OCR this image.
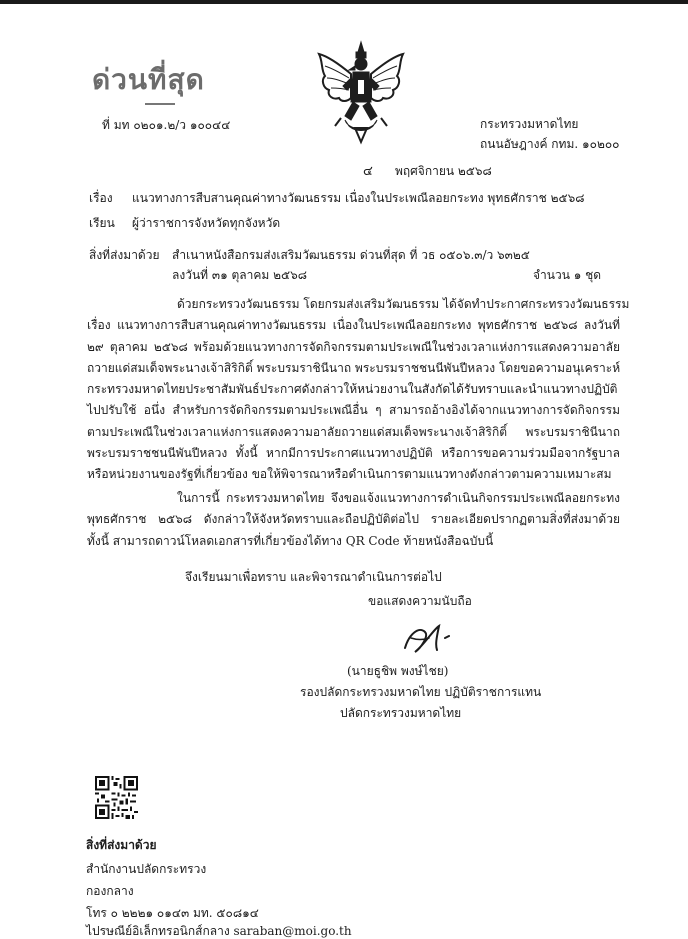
ด่วนที่สุด
ที่ มท ๐๒๐๑.๒/ว ๑๐๐๔๔	กระทรวงมหาดไทย
ถนนอัษฎางค์ กทม. ๑๐๒๐๐
๔ พฤศจิกายน ๒๕๖๘
เรื่อง แนวทางการสืบสานคุณค่าทางวัฒนธรรม เนื่องในประเพณีลอยกระทง พุทธศักราช ๒๕๖๘
เรียน ผู้ว่าราชการจังหวัดทุกจังหวัด
สิ่งที่ส่งมาด้วย สำเนาหนังสือกรมส่งเสริมวัฒนธรรม ด่วนที่สุด ที่ วธ ๐๕๐๖.๓/ว ๖๓๒๕
ลงวันที่ ๓๑ ตุลาคม ๒๕๖๘	จำนวน ๑ ชุด
ด้วยกระทรวงวัฒนธรรม โดยกรมส่งเสริมวัฒนธรรม ได้จัดทำประกาศกระทรวงวัฒนธรรม
เรื่อง แนวทางการสืบสานคุณค่าทางวัฒนธรรม เนื่องในประเพณีลอยกระทง พุทธศักราช ๒๕๖๘ ลงวันที่
๒๙ ตุลาคม ๒๕๖๘ พร้อมด้วยแนวทางการจัดกิจกรรมตามประเพณีในช่วงเวลาแห่งการแสดงความอาลัย
ถวายแด่สมเด็จพระนางเจ้าสิริกิติ์ พระบรมราชินีนาถ พระบรมราชชนนีพันปีหลวง โดยขอความอนุเคราะห์
กระทรวงมหาดไทยประชาสัมพันธ์ประกาศดังกล่าวให้หน่วยงานในสังกัดได้รับทราบและนำแนวทางปฏิบัติ
ไปปรับใช้ อนึ่ง สำหรับการจัดกิจกรรมตามประเพณีอื่น ๆ สามารถอ้างอิงได้จากแนวทางการจัดกิจกรรม
ตามประเพณีในช่วงเวลาแห่งการแสดงความอาลัยถวายแด่สมเด็จพระนางเจ้าสิริกิติ์ พระบรมราชินีนาถ
พระบรมราชชนนีพันปีหลวง ทั้งนี้ หากมีการประกาศแนวทางปฏิบัติ หรือการขอความร่วมมือจากรัฐบาล
หรือหน่วยงานของรัฐที่เกี่ยวข้อง ขอให้พิจารณาหรือดำเนินการตามแนวทางดังกล่าวตามความเหมาะสม
ในการนี้ กระทรวงมหาดไทย จึงขอแจ้งแนวทางการดำเนินกิจกรรมประเพณีลอยกระทง
พุทธศักราช ๒๕๖๘ ดังกล่าวให้จังหวัดทราบและถือปฏิบัติต่อไป รายละเอียดปรากฏตามสิ่งที่ส่งมาด้วย
ทั้งนี้ สามารถดาวน์โหลดเอกสารที่เกี่ยวข้องได้ทาง QR Code ท้ายหนังสือฉบับนี้
จึงเรียนมาเพื่อทราบ และพิจารณาดำเนินการต่อไป
ขอแสดงความนับถือ
(นายธูชิพ พงษ์ไชย)
รองปลัดกระทรวงมหาดไทย ปฏิบัติราชการแทน
ปลัดกระทรวงมหาดไทย
สิ่งที่ส่งมาด้วย
สำนักงานปลัดกระทรวง
กองกลาง
โทร ๐ ๒๒๒๑ ๐๑๔๓ มท. ๕๐๘๑๔
ไปรษณีย์อิเล็กทรอนิกส์กลาง saraban@moi.go.th
